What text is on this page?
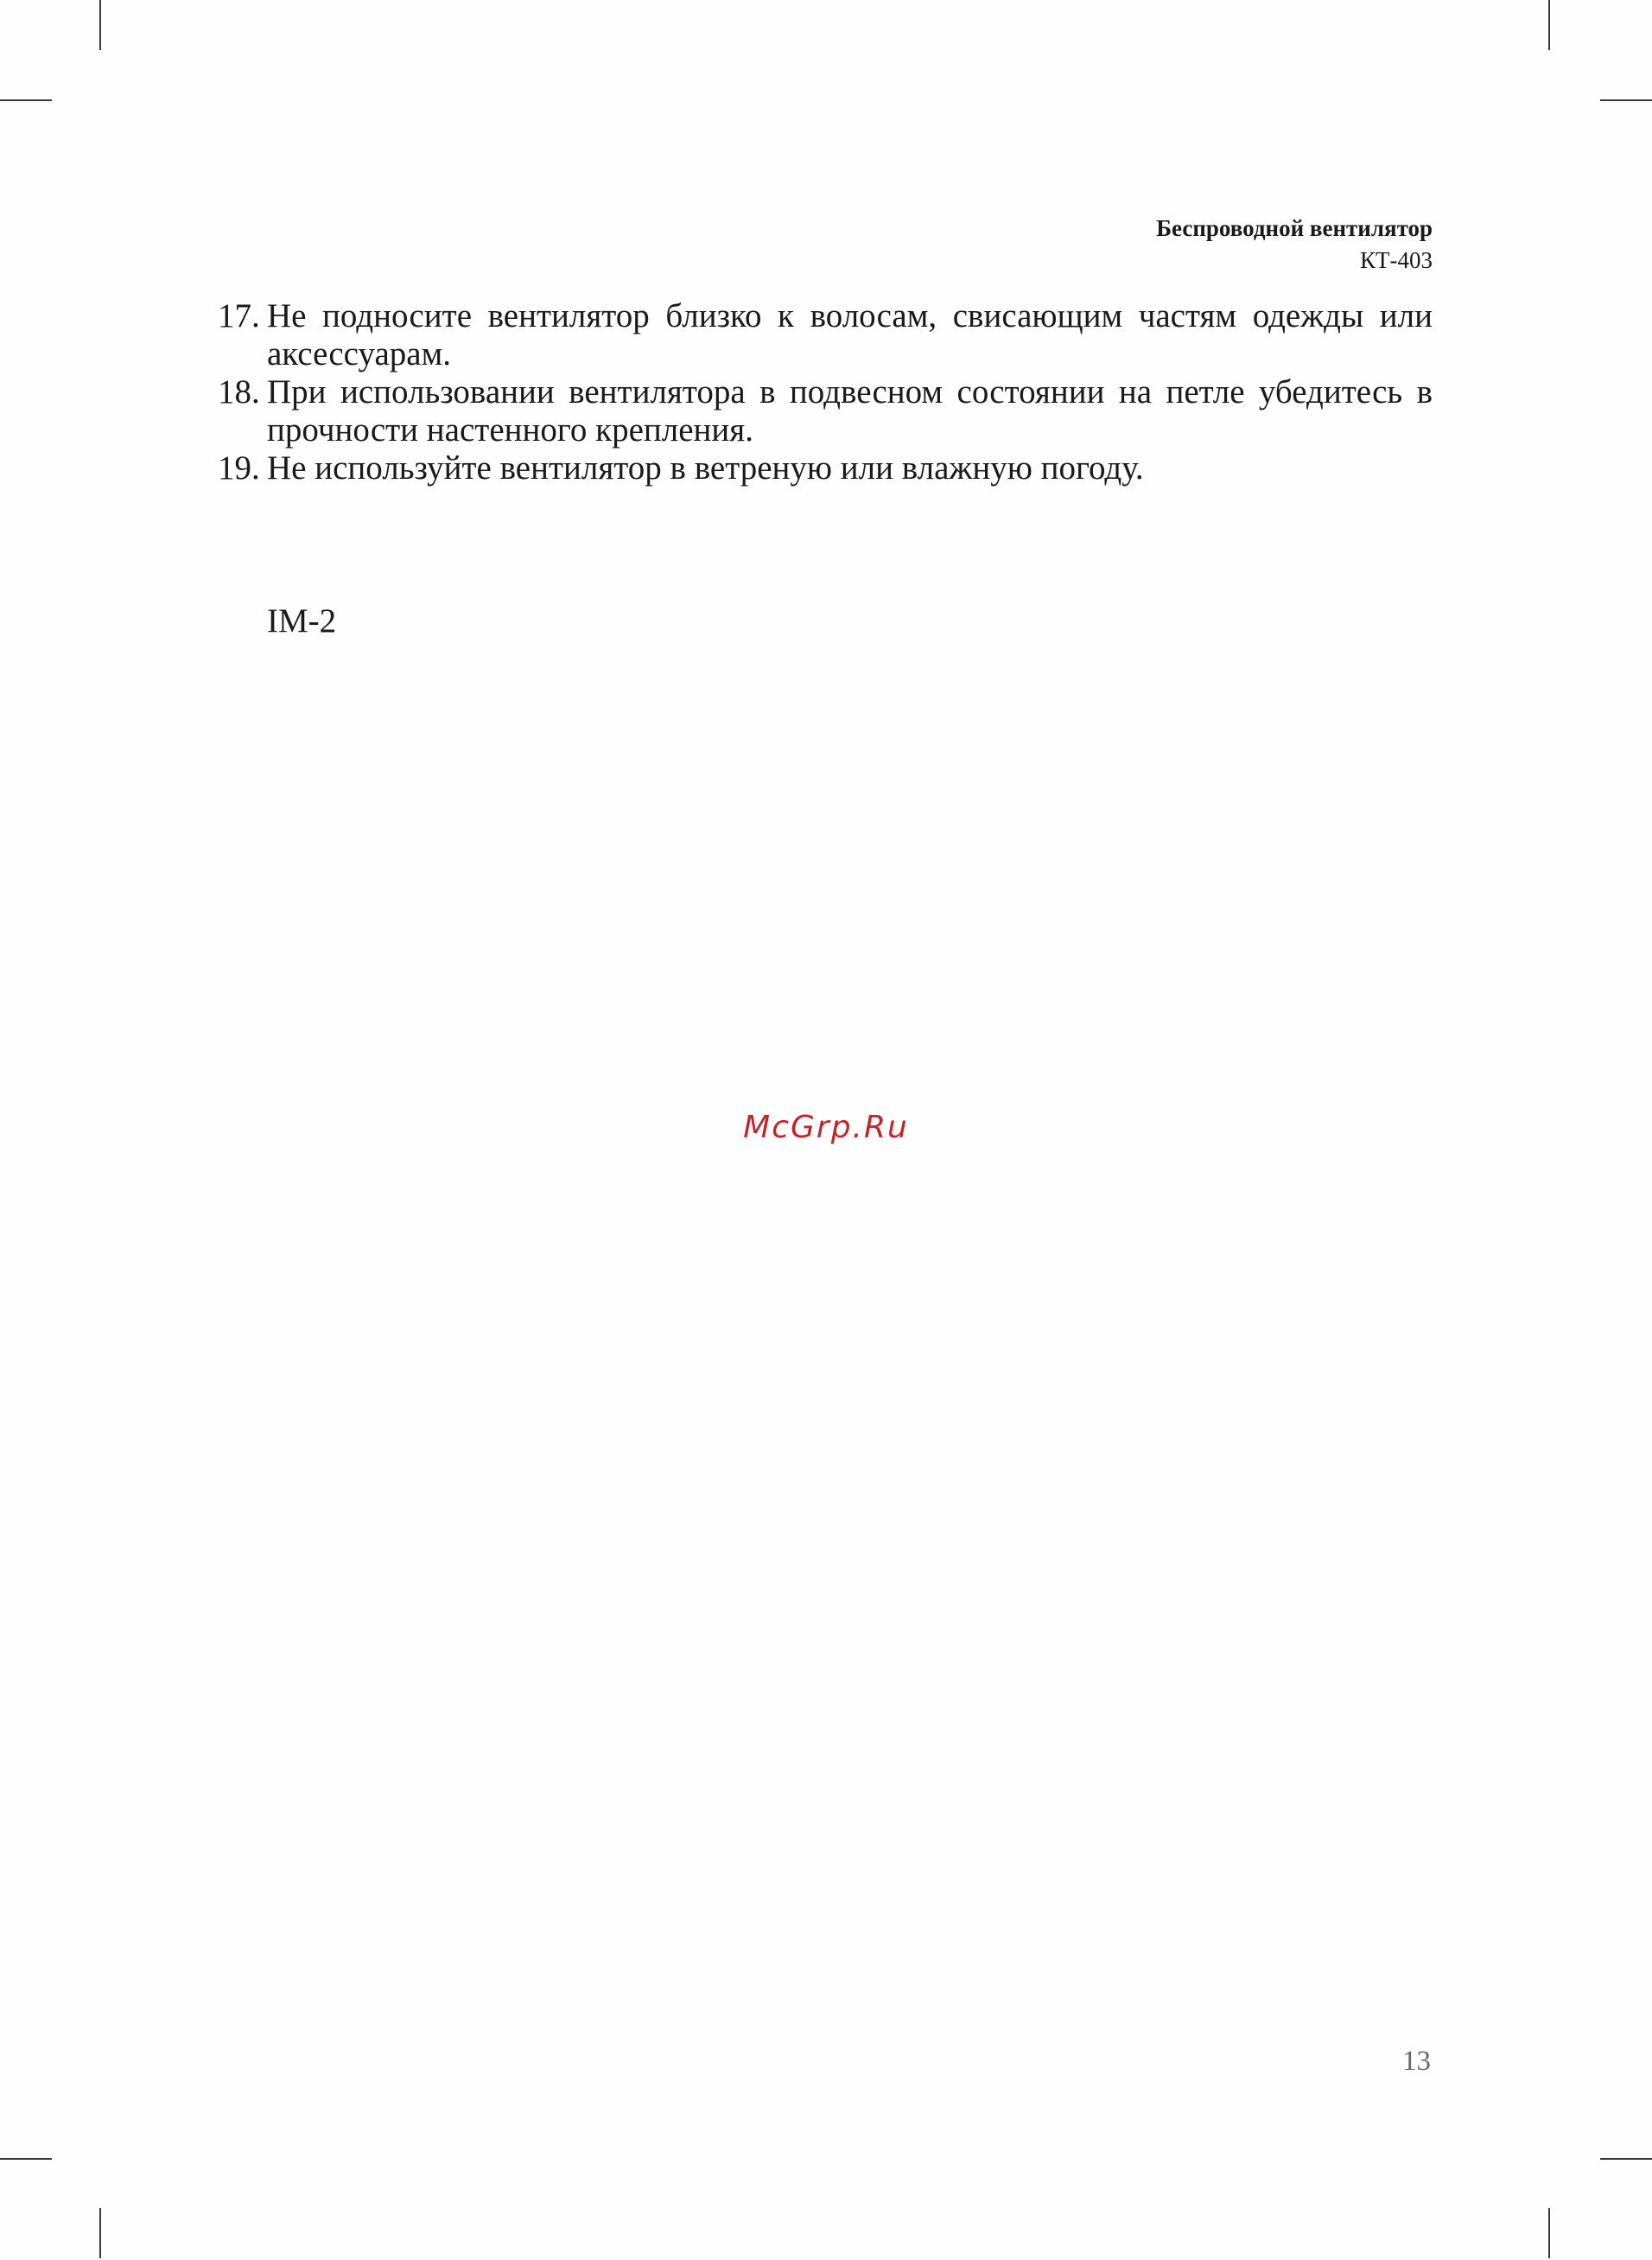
Беспроводной вентилятор
КТ-403
17. Не подносите вентилятор близко к волосам, свисающим частям одежды или аксессуарам.
18. При использовании вентилятора в подвесном состоянии на петле убедитесь в прочности настенного крепления.
19. Не используйте вентилятор в ветреную или влажную погоду.
IM-2
McGrp.Ru
13
